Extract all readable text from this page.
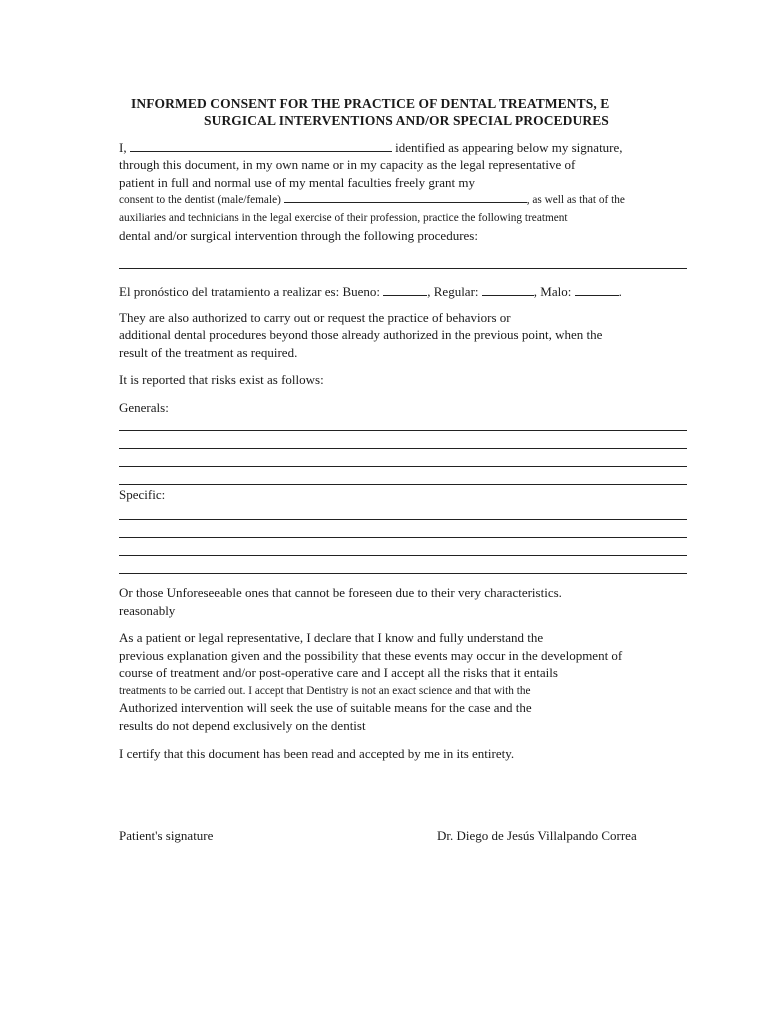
INFORMED CONSENT FOR THE PRACTICE OF DENTAL TREATMENTS, E
SURGICAL INTERVENTIONS AND/OR SPECIAL PROCEDURES
I,	identified as appearing below my signature,
through this document, in my own name or in my capacity as the legal representative of
patient in full and normal use of my mental faculties freely grant my
consent to the dentist (male/female)	, as well as that of the
auxiliaries and technicians in the legal exercise of their profession, practice the following treatment
dental and/or surgical intervention through the following procedures:
El pronóstico del tratamiento a realizar es: Bueno:	, Regular:	, Malo:	.
They are also authorized to carry out or request the practice of behaviors or
additional dental procedures beyond those already authorized in the previous point, when the
result of the treatment as required.
It is reported that risks exist as follows:
Generals:
Specific:
Or those Unforeseeable ones that cannot be foreseen due to their very characteristics.
reasonably
As a patient or legal representative, I declare that I know and fully understand the
previous explanation given and the possibility that these events may occur in the development of
course of treatment and/or post-operative care and I accept all the risks that it entails
treatments to be carried out. I accept that Dentistry is not an exact science and that with the
Authorized intervention will seek the use of suitable means for the case and the
results do not depend exclusively on the dentist
I certify that this document has been read and accepted by me in its entirety.
Patient's signature	Dr. Diego de Jesús Villalpando Correa
